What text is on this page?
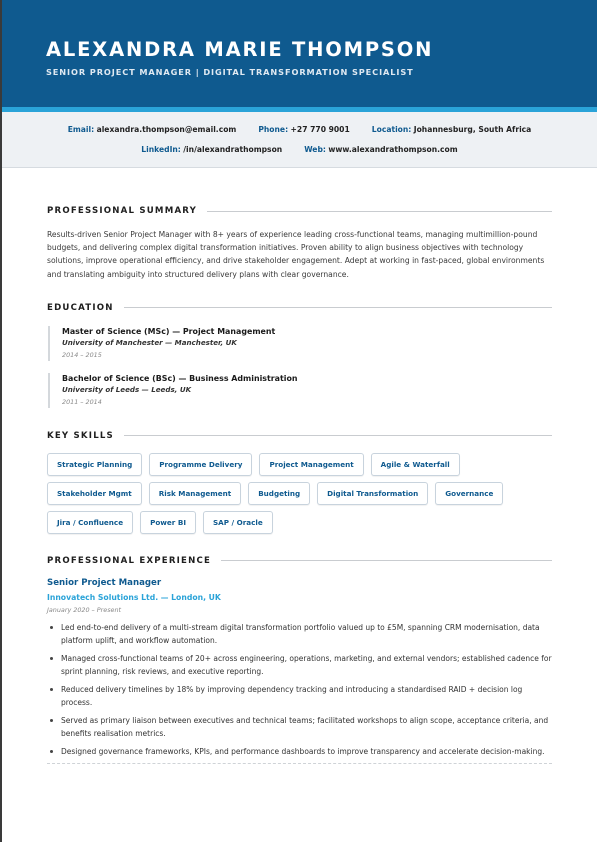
ALEXANDRA MARIE THOMPSON
SENIOR PROJECT MANAGER | DIGITAL TRANSFORMATION SPECIALIST
Email: alexandra.thompson@email.com	Phone: +27 770 9001	Location: Johannesburg, South Africa
LinkedIn: /in/alexandrathompson	Web: www.alexandrathompson.com
PROFESSIONAL SUMMARY

Results-driven Senior Project Manager with 8+ years of experience leading cross-functional teams, managing multimillion-pound budgets, and delivering complex digital transformation initiatives. Proven ability to align business objectives with technology solutions, improve operational efficiency, and drive stakeholder engagement. Adept at working in fast-paced, global environments and translating ambiguity into structured delivery plans with clear governance.

EDUCATION
Master of Science (MSc) — Project Management
University of Manchester — Manchester, UK
2014 – 2015
Bachelor of Science (BSc) — Business Administration
University of Leeds — Leeds, UK
2011 – 2014
KEY SKILLS
Strategic Planning	Programme Delivery	Project Management	Agile & Waterfall
Stakeholder Mgmt	Risk Management	Budgeting	Digital Transformation	Governance
Jira / Confluence	Power BI	SAP / Oracle
PROFESSIONAL EXPERIENCE
Senior Project Manager
Innovatech Solutions Ltd. — London, UK
January 2020 – Present
Led end-to-end delivery of a multi-stream digital transformation portfolio valued up to £5M, spanning CRM modernisation, data platform uplift, and workflow automation.
Managed cross-functional teams of 20+ across engineering, operations, marketing, and external vendors; established cadence for sprint planning, risk reviews, and executive reporting.
Reduced delivery timelines by 18% by improving dependency tracking and introducing a standardised RAID + decision log process.
Served as primary liaison between executives and technical teams; facilitated workshops to align scope, acceptance criteria, and benefits realisation metrics.
Designed governance frameworks, KPIs, and performance dashboards to improve transparency and accelerate decision-making.
